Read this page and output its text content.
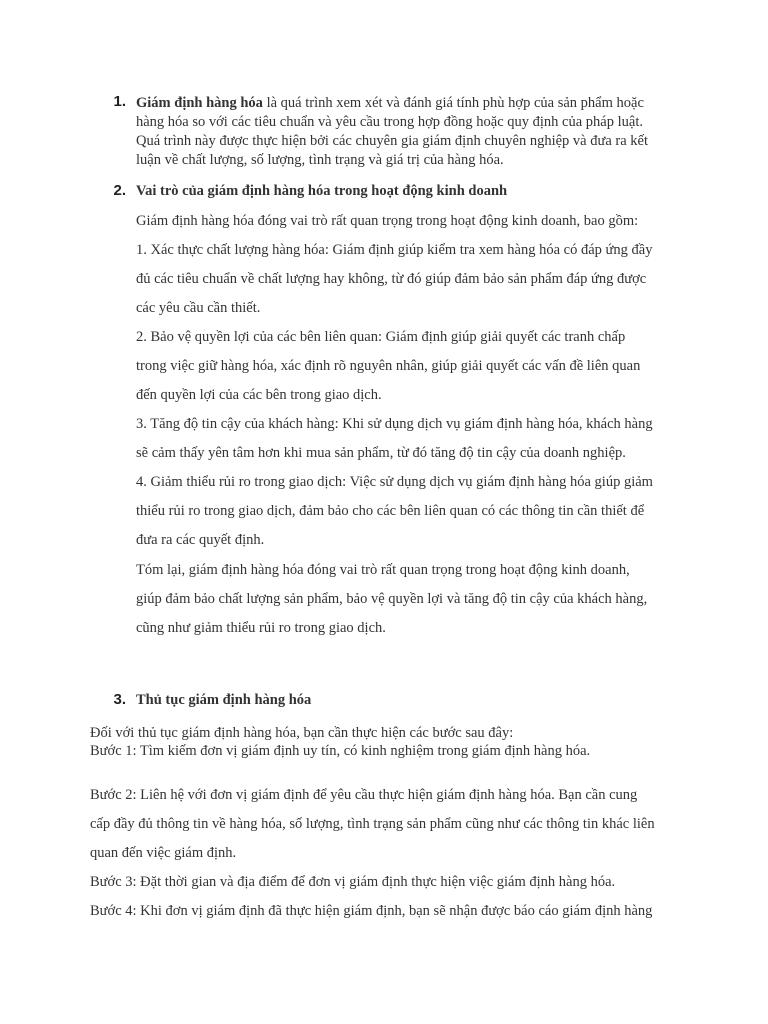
1. Giám định hàng hóa là quá trình xem xét và đánh giá tính phù hợp của sản phẩm hoặc
hàng hóa so với các tiêu chuẩn và yêu cầu trong hợp đồng hoặc quy định của pháp luật.
Quá trình này được thực hiện bởi các chuyên gia giám định chuyên nghiệp và đưa ra kết
luận về chất lượng, số lượng, tình trạng và giá trị của hàng hóa.
2. Vai trò của giám định hàng hóa trong hoạt động kinh doanh
Giám định hàng hóa đóng vai trò rất quan trọng trong hoạt động kinh doanh, bao gồm:
1. Xác thực chất lượng hàng hóa: Giám định giúp kiểm tra xem hàng hóa có đáp ứng đầy
đủ các tiêu chuẩn về chất lượng hay không, từ đó giúp đảm bảo sản phẩm đáp ứng được
các yêu cầu cần thiết.
2. Bảo vệ quyền lợi của các bên liên quan: Giám định giúp giải quyết các tranh chấp
trong việc giữ hàng hóa, xác định rõ nguyên nhân, giúp giải quyết các vấn đề liên quan
đến quyền lợi của các bên trong giao dịch.
3. Tăng độ tin cậy của khách hàng: Khi sử dụng dịch vụ giám định hàng hóa, khách hàng
sẽ cảm thấy yên tâm hơn khi mua sản phẩm, từ đó tăng độ tin cậy của doanh nghiệp.
4. Giảm thiểu rủi ro trong giao dịch: Việc sử dụng dịch vụ giám định hàng hóa giúp giảm
thiểu rủi ro trong giao dịch, đảm bảo cho các bên liên quan có các thông tin cần thiết để
đưa ra các quyết định.
Tóm lại, giám định hàng hóa đóng vai trò rất quan trọng trong hoạt động kinh doanh,
giúp đảm bảo chất lượng sản phẩm, bảo vệ quyền lợi và tăng độ tin cậy của khách hàng,
cũng như giảm thiểu rủi ro trong giao dịch.
3. Thủ tục giám định hàng hóa
Đối với thủ tục giám định hàng hóa, bạn cần thực hiện các bước sau đây:
Bước 1: Tìm kiếm đơn vị giám định uy tín, có kinh nghiệm trong giám định hàng hóa.
Bước 2: Liên hệ với đơn vị giám định để yêu cầu thực hiện giám định hàng hóa. Bạn cần cung
cấp đầy đủ thông tin về hàng hóa, số lượng, tình trạng sản phẩm cũng như các thông tin khác liên
quan đến việc giám định.
Bước 3: Đặt thời gian và địa điểm để đơn vị giám định thực hiện việc giám định hàng hóa.
Bước 4: Khi đơn vị giám định đã thực hiện giám định, bạn sẽ nhận được báo cáo giám định hàng
